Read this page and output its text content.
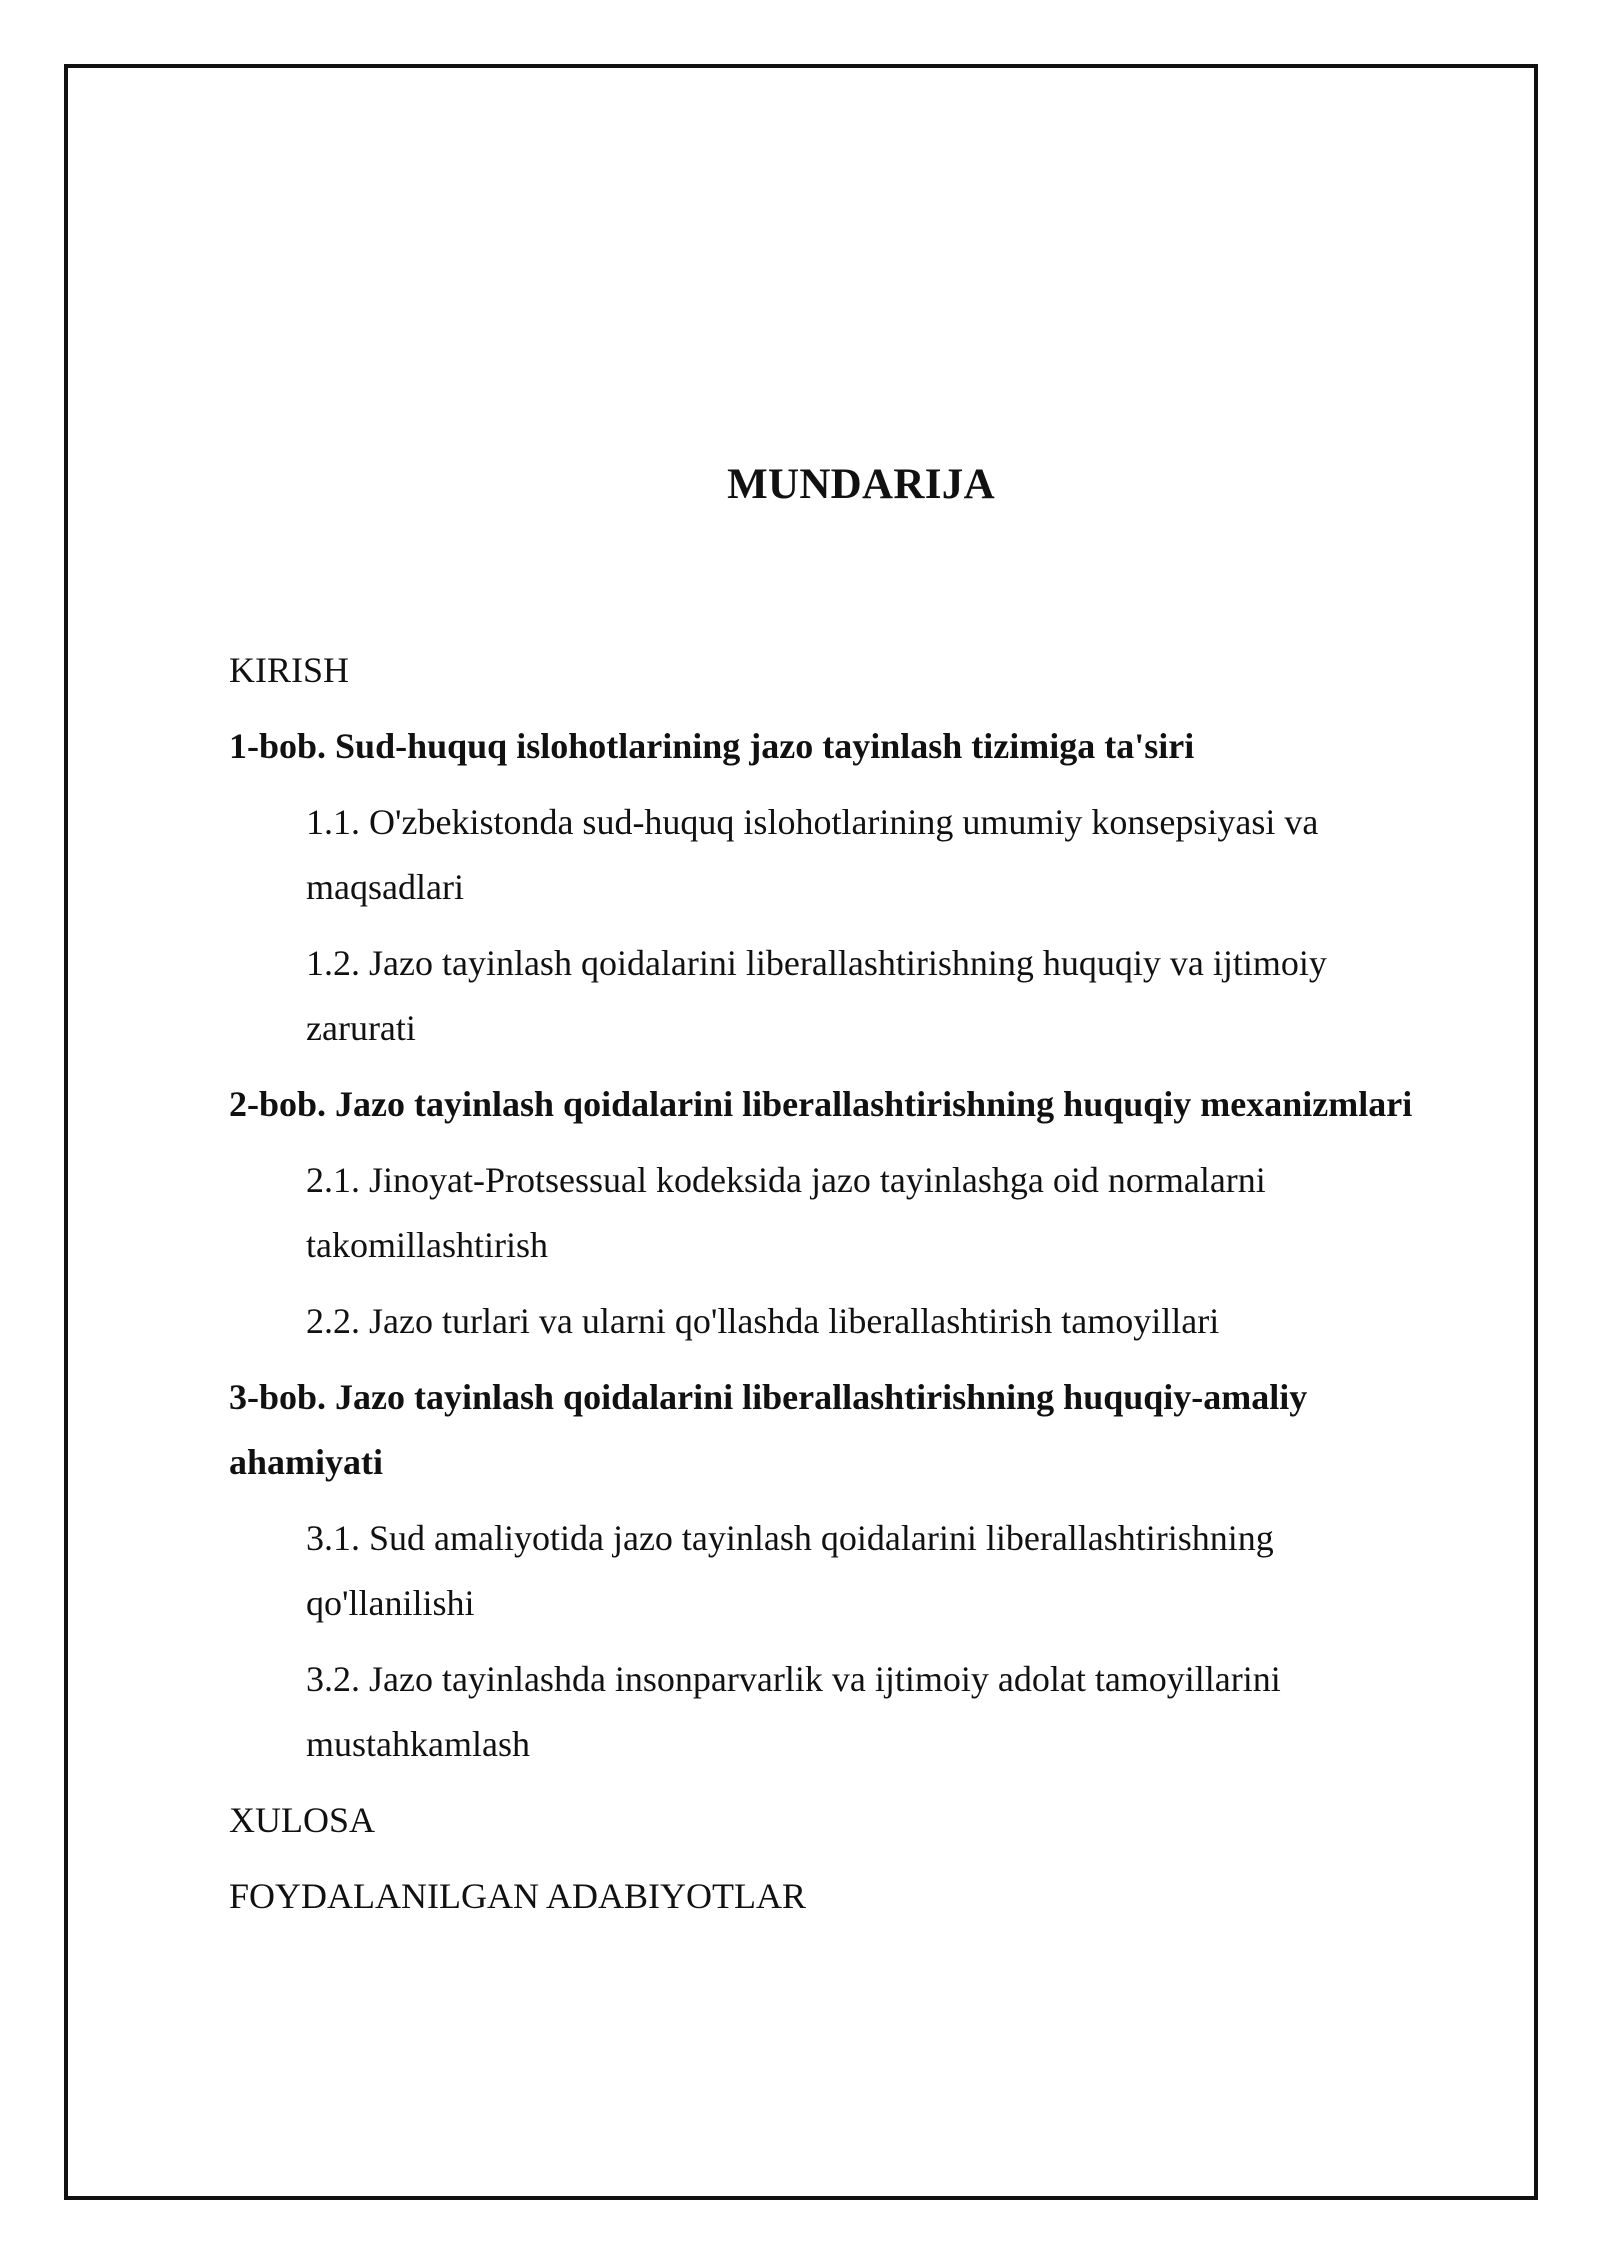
MUNDARIJA
KIRISH
1-bob. Sud-huquq islohotlarining jazo tayinlash tizimiga ta'siri
1.1. O'zbekistonda sud-huquq islohotlarining umumiy konsepsiyasi va
maqsadlari
1.2. Jazo tayinlash qoidalarini liberallashtirishning huquqiy va ijtimoiy
zarurati
2-bob. Jazo tayinlash qoidalarini liberallashtirishning huquqiy mexanizmlari
2.1. Jinoyat-Protsessual kodeksida jazo tayinlashga oid normalarni
takomillashtirish
2.2. Jazo turlari va ularni qo'llashda liberallashtirish tamoyillari
3-bob. Jazo tayinlash qoidalarini liberallashtirishning huquqiy-amaliy
ahamiyati
3.1. Sud amaliyotida jazo tayinlash qoidalarini liberallashtirishning
qo'llanilishi
3.2. Jazo tayinlashda insonparvarlik va ijtimoiy adolat tamoyillarini
mustahkamlash
XULOSA
FOYDALANILGAN ADABIYOTLAR
